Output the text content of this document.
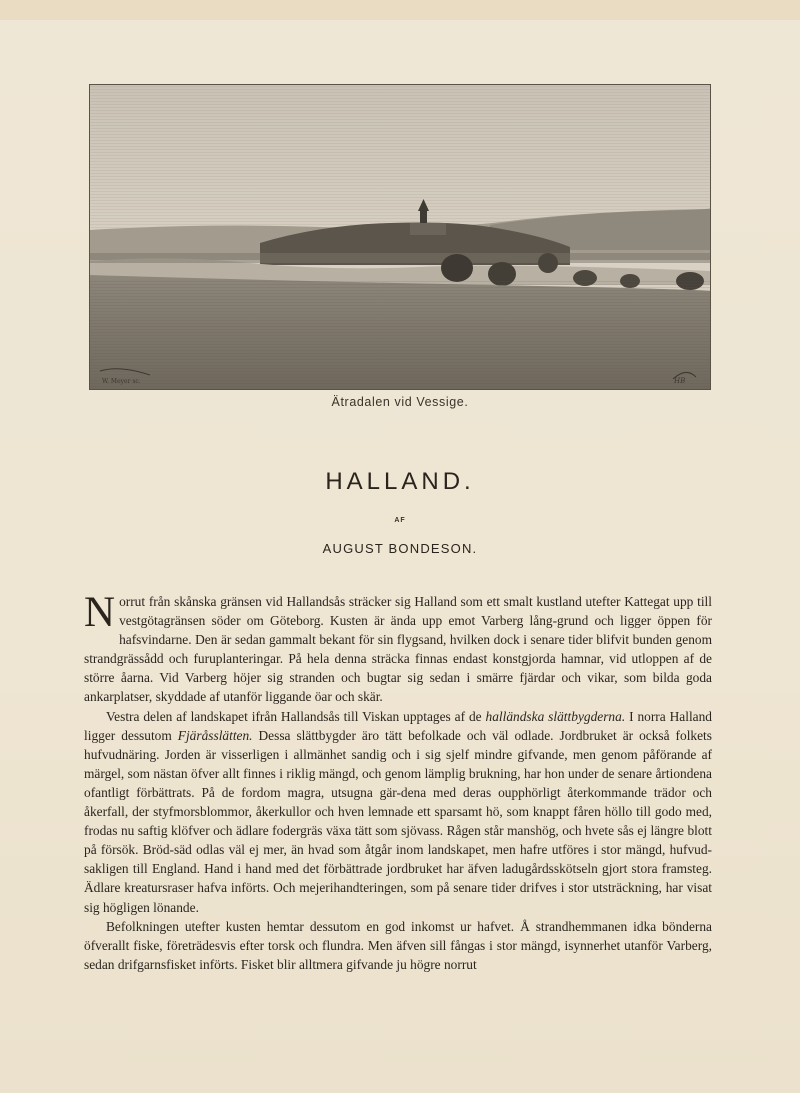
W. Meyer sc.	HB
Ätradalen vid Vessige.
HALLAND.
AF
AUGUST BONDESON.

Norrut från skånska gränsen vid Hallandsås sträcker sig Halland som ett smalt kustland utefter Kattegat upp till vestgötagränsen söder om Göteborg. Kusten är ända upp emot Varberg lång-grund och ligger öppen för hafsvindarne. Den är sedan gammalt bekant för sin flygsand, hvilken dock i senare tider blifvit bunden genom strandgrässådd och furuplanteringar. På hela denna sträcka finnas endast konstgjorda hamnar, vid utloppen af de större åarna. Vid Varberg höjer sig stranden och bugtar sig sedan i smärre fjärdar och vikar, som bilda goda ankarplatser, skyddade af utanför liggande öar och skär.

Vestra delen af landskapet ifrån Hallandsås till Viskan upptages af de halländska slättbygderna. I norra Halland ligger dessutom Fjäråsslätten. Dessa slättbygder äro tätt befolkade och väl odlade. Jordbruket är också folkets hufvudnäring. Jorden är visserligen i allmänhet sandig och i sig sjelf mindre gifvande, men genom påförande af märgel, som nästan öfver allt finnes i riklig mängd, och genom lämplig brukning, har hon under de senare årtiondena ofantligt förbättrats. På de fordom magra, utsugna gär-dena med deras oupphörligt återkommande trädor och åkerfall, der styfmorsblommor, åkerkullor och hven lemnade ett sparsamt hö, som knappt fåren höllo till godo med, frodas nu saftig klöfver och ädlare fodergräs växa tätt som sjövass. Rågen står manshög, och hvete sås ej längre blott på försök. Bröd-säd odlas väl ej mer, än hvad som åtgår inom landskapet, men hafre utföres i stor mängd, hufvud-sakligen till England. Hand i hand med det förbättrade jordbruket har äfven ladugårdsskötseln gjort stora framsteg. Ädlare kreatursraser hafva införts. Och mejerihandteringen, som på senare tider drifves i stor utsträckning, har visat sig högligen lönande.

Befolkningen utefter kusten hemtar dessutom en god inkomst ur hafvet. Å strandhemmanen idka bönderna öfverallt fiske, företrädesvis efter torsk och flundra. Men äfven sill fångas i stor mängd, isynnerhet utanför Varberg, sedan drifgarnsfisket införts. Fisket blir alltmera gifvande ju högre norrut
